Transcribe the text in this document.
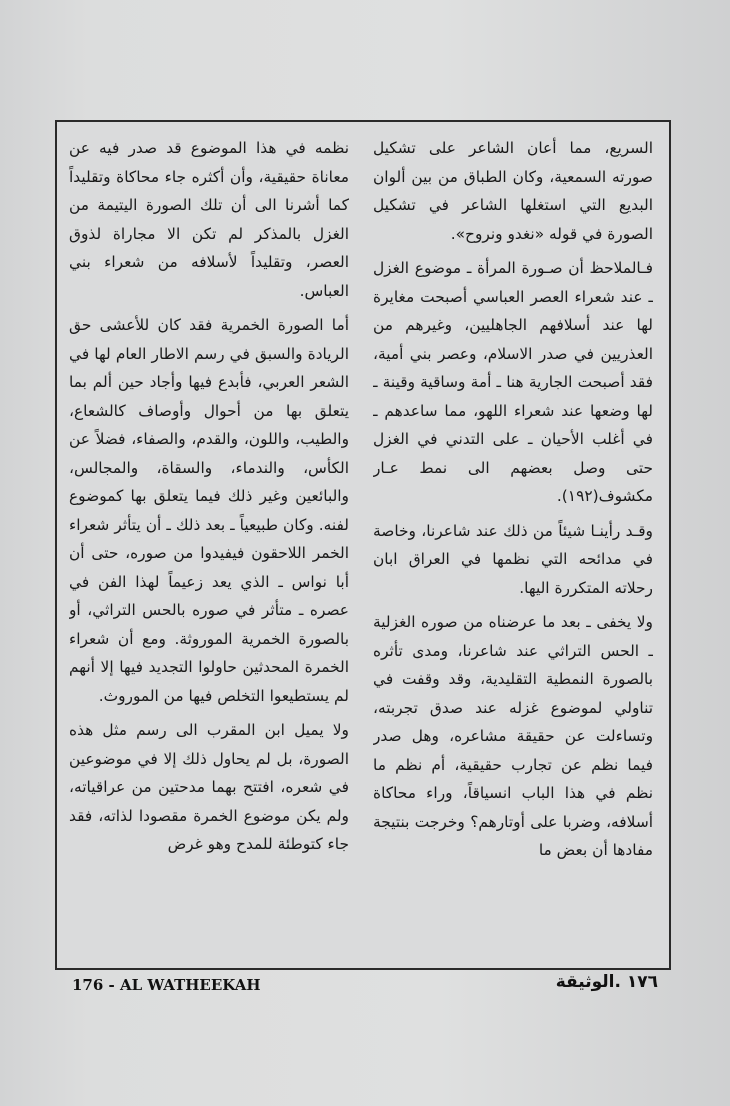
السريع، مما أعان الشاعر على تشكيل صورته السمعية، وكان الطباق من بين ألوان البديع التي استغلها الشاعر في تشكيل الصورة في قوله «نغدو ونروح».

فـالملاحظ أن صـورة المرأة ـ موضوع الغزل ـ عند شعراء العصر العباسي أصبحت مغايرة لها عند أسلافهم الجاهليين، وغيرهم من العذريين في صدر الاسلام، وعصر بني أمية، فقد أصبحت الجارية هنا ـ أمة وساقية وقينة ـ لها وضعها عند شعراء اللهو، مما ساعدهم ـ في أغلب الأحيان ـ على التدني في الغزل حتى وصل بعضهم الى نمط عـار مكشوف(١٩٢).

وقـد رأينـا شيئاً من ذلك عند شاعرنا، وخاصة في مدائحه التي نظمها في العراق ابان رحلاته المتكررة اليها.

ولا يخفى ـ بعد ما عرضناه من صوره الغزلية ـ الحس التراثي عند شاعرنا، ومدى تأثره بالصورة النمطية التقليدية، وقد وقفت في تناولي لموضوع غزله عند صدق تجربته، وتساءلت عن حقيقة مشاعره، وهل صدر فيما نظم عن تجارب حقيقية، أم نظم ما نظم في هذا الباب انسياقاً، وراء محاكاة أسلافه، وضربا على أوتارهم؟ وخرجت بنتيجة مفادها أن بعض ما

نظمه في هذا الموضوع قد صدر فيه عن معاناة حقيقية، وأن أكثره جاء محاكاة وتقليداً كما أشرنا الى أن تلك الصورة اليتيمة من الغزل بالمذكر لم تكن الا مجاراة لذوق العصر، وتقليداً لأسلافه من شعراء بني العباس.

أما الصورة الخمرية فقد كان للأعشى حق الريادة والسبق في رسم الاطار العام لها في الشعر العربي، فأبدع فيها وأجاد حين ألم بما يتعلق بها من أحوال وأوصاف كالشعاع، والطيب، واللون، والقدم، والصفاء، فضلاً عن الكأس، والندماء، والسقاة، والمجالس، والبائعين وغير ذلك فيما يتعلق بها كموضوع لفنه. وكان طبيعياً ـ بعد ذلك ـ أن يتأثر شعراء الخمر اللاحقون فيفيدوا من صوره، حتى أن أبا نواس ـ الذي يعد زعيماً لهذا الفن في عصره ـ متأثر في صوره بالحس التراثي، أو بالصورة الخمرية الموروثة. ومع أن شعراء الخمرة المحدثين حاولوا التجديد فيها إلا أنهم لم يستطيعوا التخلص فيها من الموروث.

ولا يميل ابن المقرب الى رسم مثل هذه الصورة، بل لم يحاول ذلك إلا في موضوعين في شعره، افتتح بهما مدحتين من عراقياته، ولم يكن موضوع الخمرة مقصودا لذاته، فقد جاء كتوطئة للمدح وهو غرض

176 - AL WATHEEKAH	١٧٦ .الوثيقة
